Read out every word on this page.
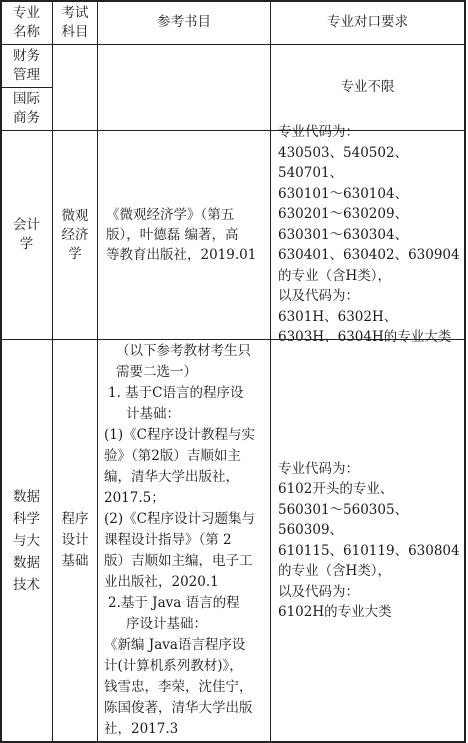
专业
名称
考试
科目
参考书目	专业对口要求
财务
管理
国际
商务
专业不限
会计
学
微观
经济
学
《微观经济学》（第五
版），叶德磊 编著，高
等教育出版社，2019.01
专业代码为：
430503、540502、540701、
630101～630104、
630201～630209、
630301～630304、
630401、630402、630904
的专业（含H类），
以及代码为：
6301H、6302H、
6303H、6304H的专业大类
数据
科学
与大
数据
技术
程序
设计
基础
（以下参考教材考生只
需要二选一）
1. 基于C语言的程序设
计基础：
(1)《C程序设计教程与实
验》（第2版）吉顺如主
编，清华大学出版社，
2017.5；
(2)《C程序设计习题集与
课程设计指导》（第 2
版）吉顺如主编，电子工
业出版社，2020.1
2.基于 Java 语言的程
序设计基础：
《新编 Java语言程序设
计(计算机系列教材)》，
钱雪忠，李荣，沈佳宁，
陈国俊著，清华大学出版
社，2017.3
专业代码为：
6102开头的专业、
560301～560305、560309、
610115、610119、630804
的专业（含H类），
以及代码为：
6102H的专业大类
